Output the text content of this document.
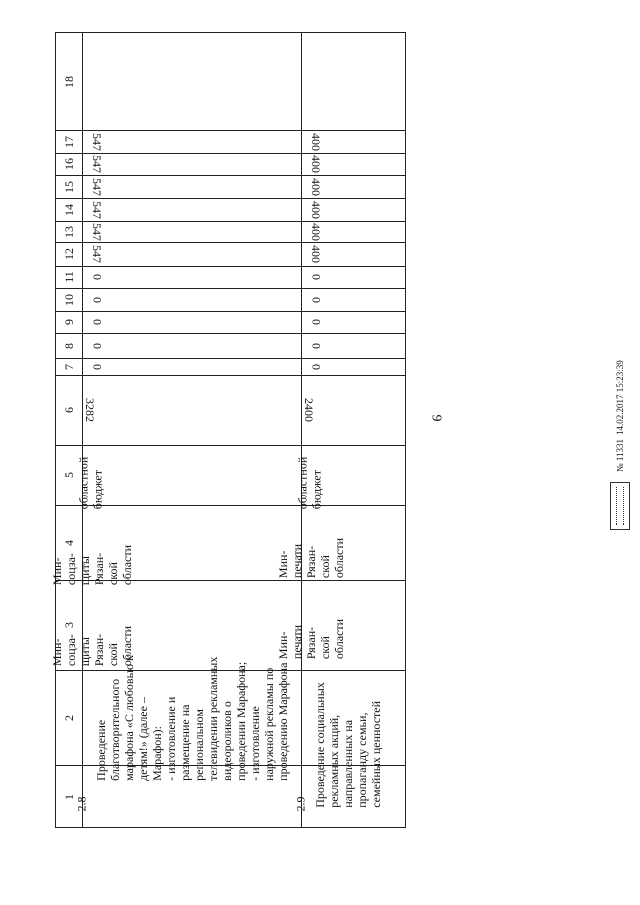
9
1
2
3
4
5
6
7
8
9
10
11
12
13
14
15
16
17
18
2.8
Проведение
благотворительного
марафона «С любовью к
детям!» (далее –
Марафон):
- изготовление и
размещение на
региональном
телевидении рекламных
видеороликов о
проведении Марафона;
- изготовление
наружной рекламы по
проведению Марафона
Мин-
соцза-
щиты
Рязан-
ской
области
Мин-
соцза-
щиты
Рязан-
ской
области
областной
бюджет
3282
0
0
0
0
0
547
547
547
547
547
547
2.9 Проведение социальных
рекламных акций,
направленных на
пропаганду семьи,
семейных ценностей
Мин-
печати
Рязан-
ской
области
Мин-
печати
Рязан-
ской
области
областной
бюджет
2400
0
0
0
0
0
400
400
400
400
400
400
№ 11331
14.02.2017 15:23:39
